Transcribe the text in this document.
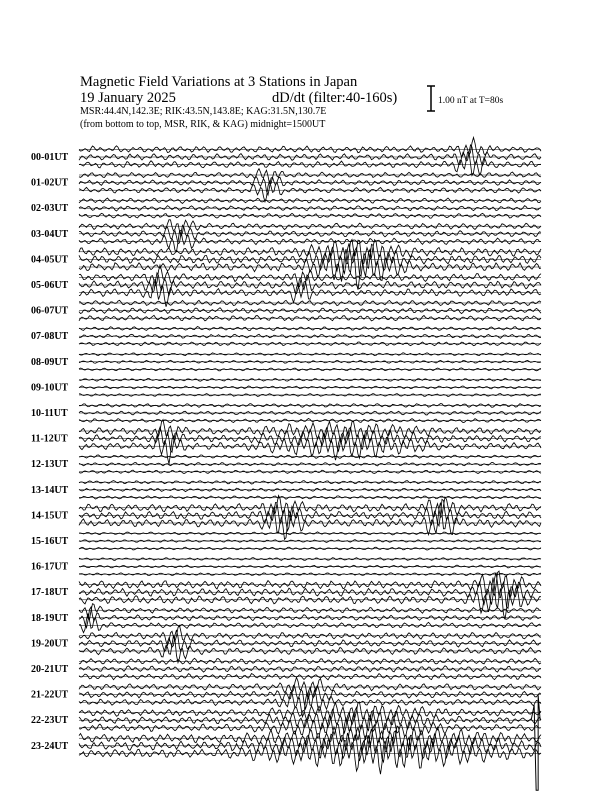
Magnetic Field Variations at 3 Stations in Japan
19 January 2025	dD/dt (filter:40-160s)
MSR:44.4N,142.3E; RIK:43.5N,143.8E; KAG:31.5N,130.7E
(from bottom to top, MSR, RIK, & KAG) midnight=1500UT
1.00 nT at T=80s
00-01UT
01-02UT
02-03UT
03-04UT
04-05UT
05-06UT
06-07UT
07-08UT
08-09UT
09-10UT
10-11UT
11-12UT
12-13UT
13-14UT
14-15UT
15-16UT
16-17UT
17-18UT
18-19UT
19-20UT
20-21UT
21-22UT
22-23UT
23-24UT
